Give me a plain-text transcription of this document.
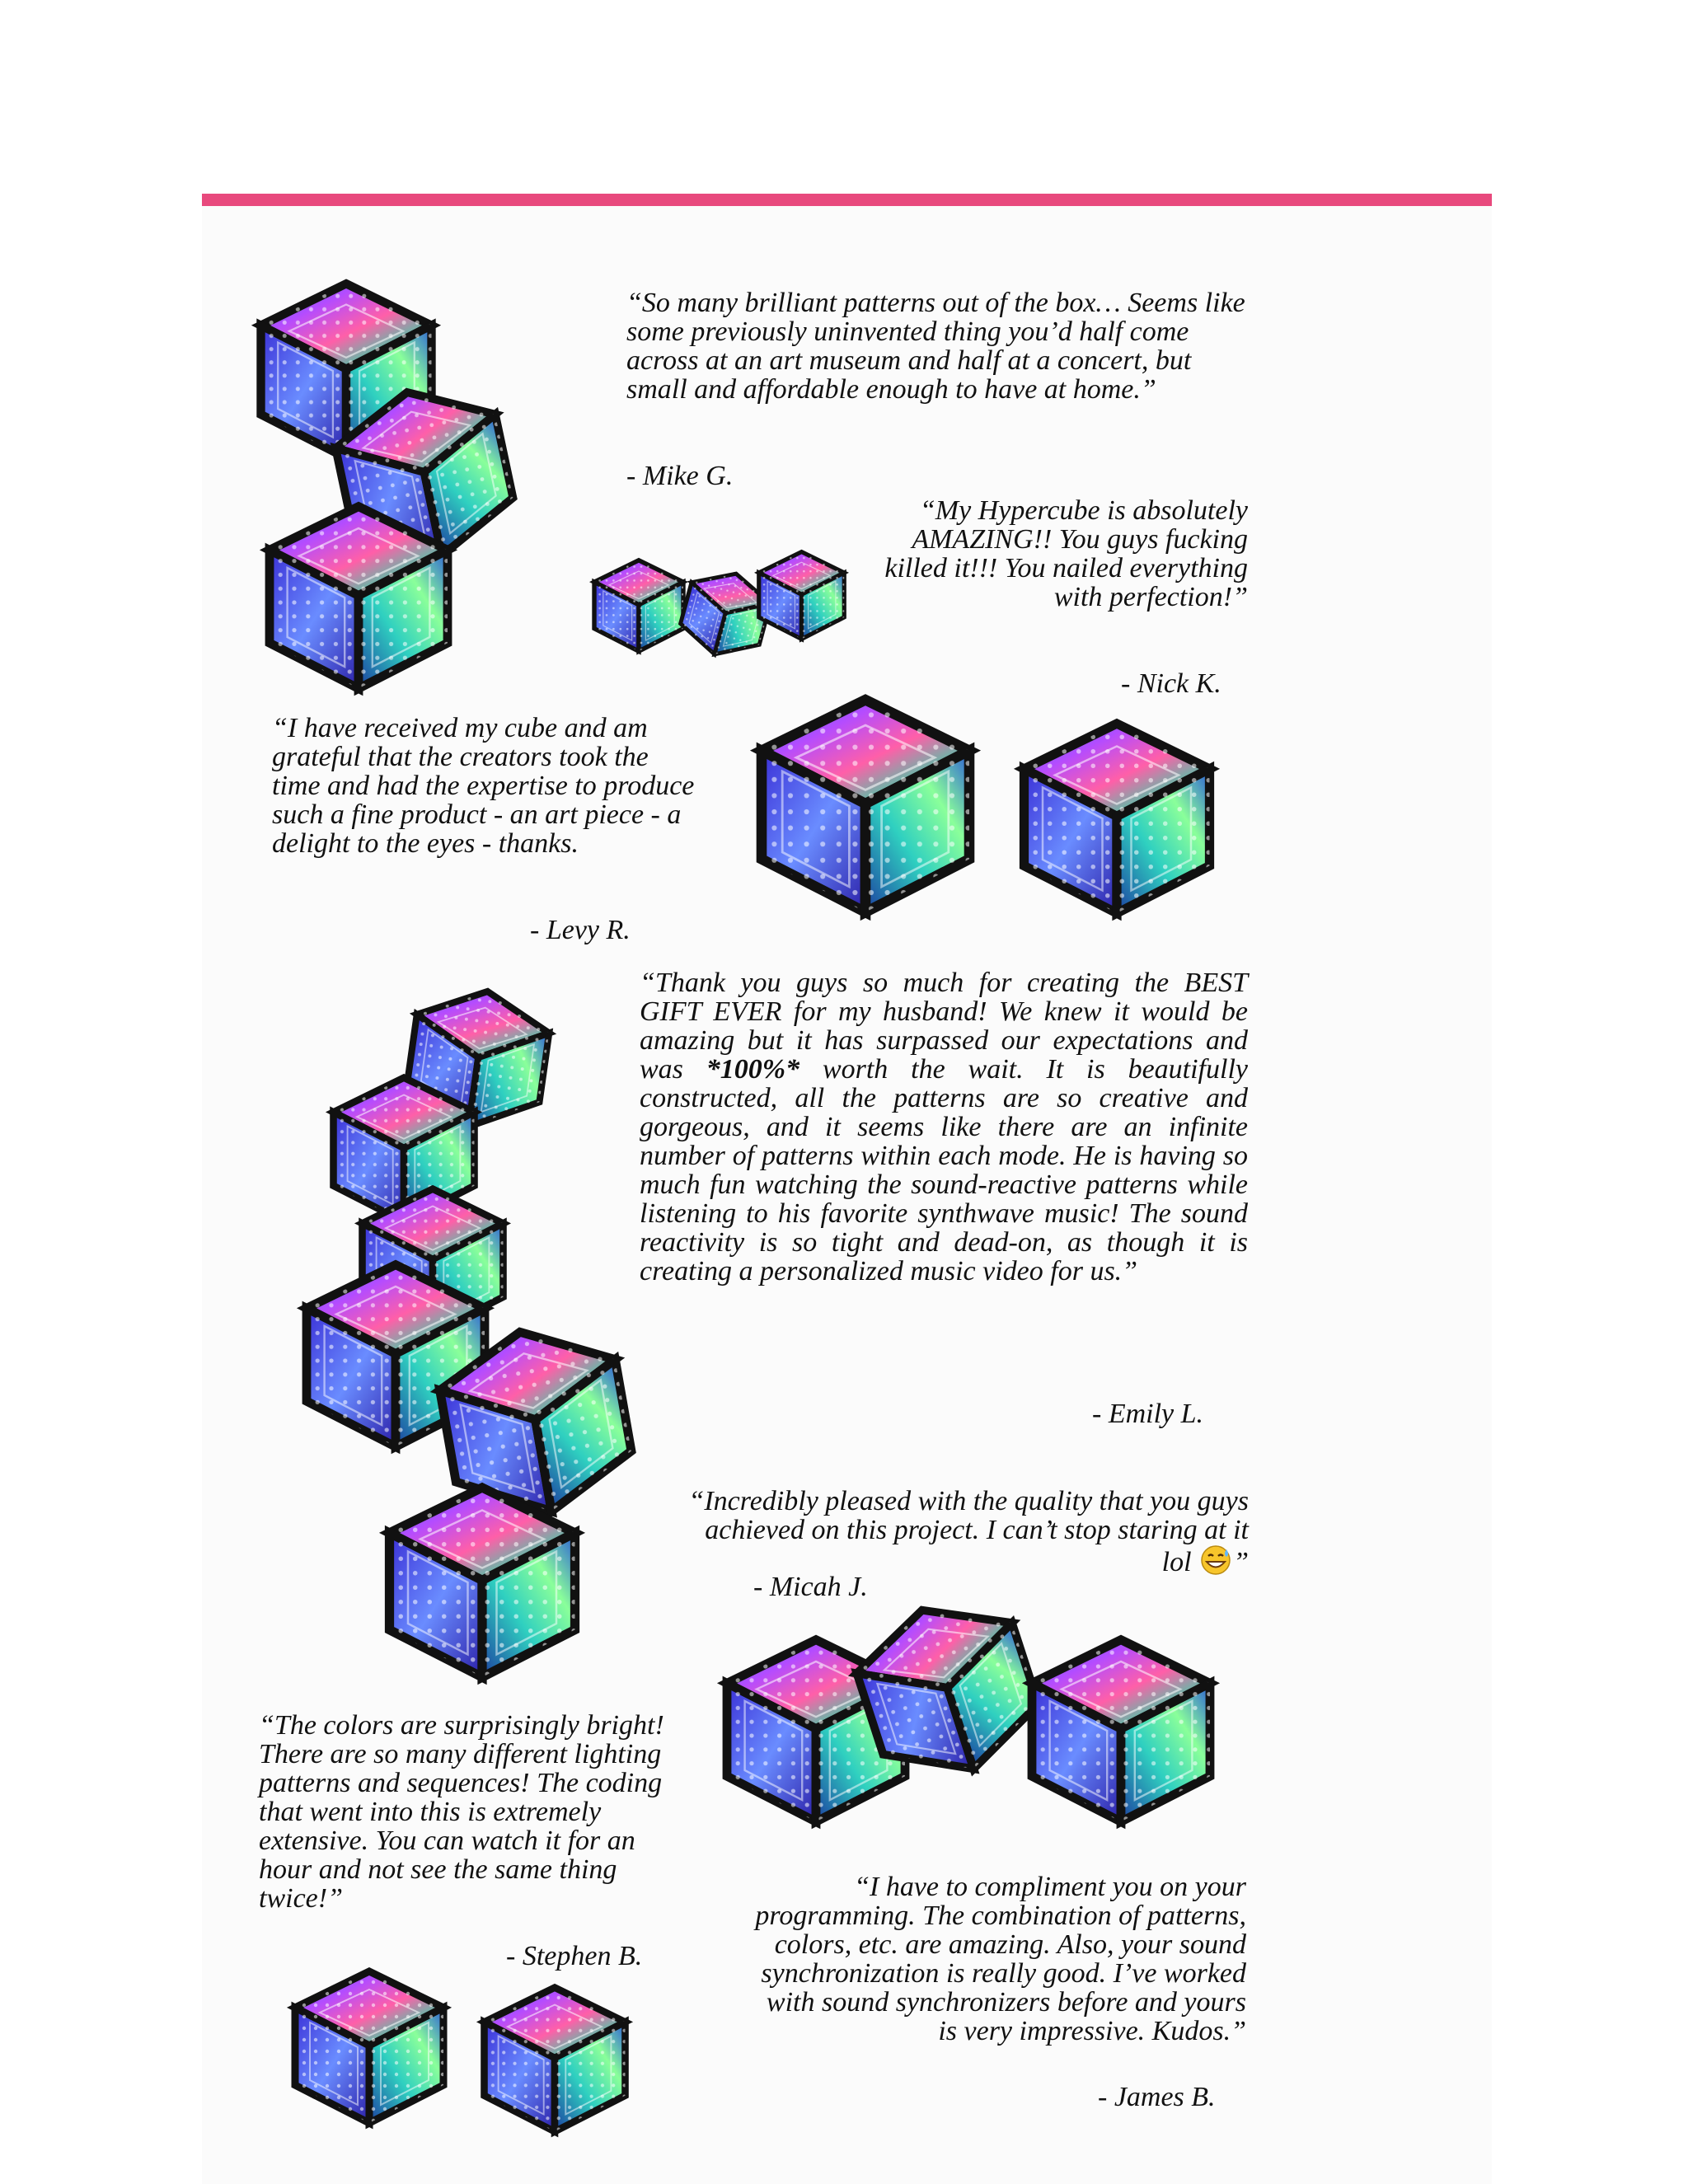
“So many brilliant patterns out of the box… Seems like some previously uninvented thing you’d half come across at an art museum and half at a concert, but small and affordable enough to have at home.”

- Mike G.

“My Hypercube is absolutely AMAZING!! You guys fucking killed it!!! You nailed everything with perfection!”

- Nick K.

“I have received my cube and am grateful that the creators took the time and had the expertise to produce such a fine product - an art piece - a delight to the eyes - thanks.

- Levy R.

“Thank you guys so much for creating the BEST GIFT EVER for my husband! We knew it would be amazing but it has surpassed our expectations and was *100%* worth the wait. It is beautifully constructed, all the patterns are so creative and gorgeous, and it seems like there are an infinite number of patterns within each mode. He is having so much fun watching the sound-reactive patterns while listening to his favorite synthwave music! The sound reactivity is so tight and dead-on, as though it is creating a personalized music video for us.”

- Emily L.

“Incredibly pleased with the quality that you guys achieved on this project. I can’t stop staring at it lol ”

- Micah J.

“The colors are surprisingly bright! There are so many different lighting patterns and sequences! The coding that went into this is extremely extensive. You can watch it for an hour and not see the same thing twice!”

- Stephen B.

“I have to compliment you on your programming. The combination of patterns, colors, etc. are amazing. Also, your sound synchronization is really good. I’ve worked with sound synchronizers before and yours is very impressive. Kudos.”

- James B.
